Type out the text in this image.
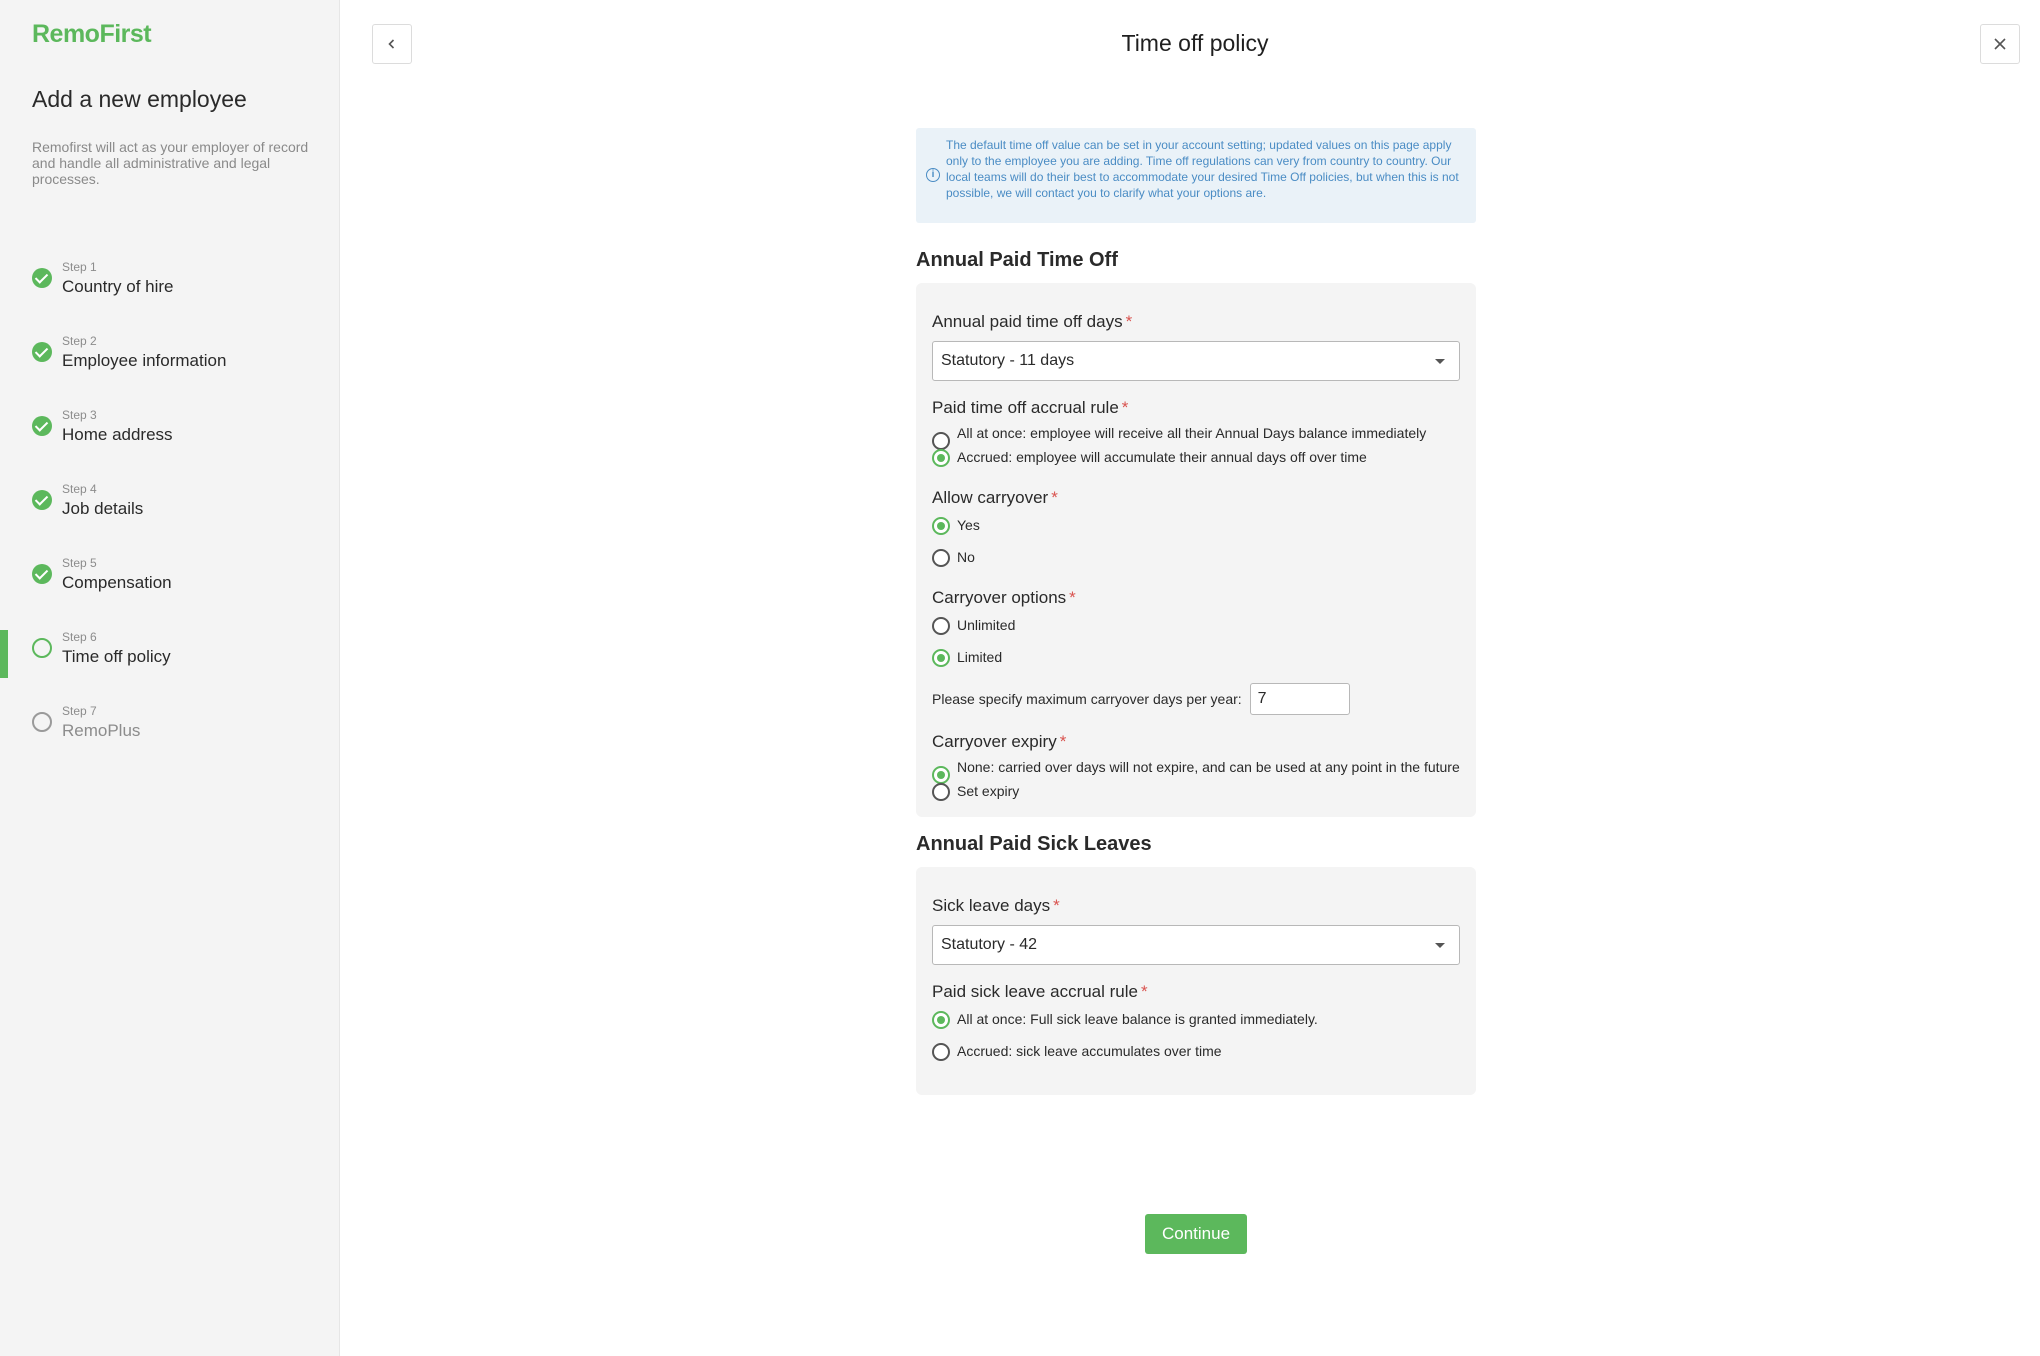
RemoFirst
Add a new employee

Remofirst will act as your employer of record and handle all administrative and legal processes.

Step 1
Country of hire
Step 2
Employee information
Step 3
Home address
Step 4
Job details
Step 5
Compensation
Step 6
Time off policy
Step 7
RemoPlus
Time off policy
i
The default time off value can be set in your account setting; updated values on this page apply only to the employee you are adding. Time off regulations can very from country to country. Our local teams will do their best to accommodate your desired Time Off policies, but when this is not possible, we will contact you to clarify what your options are.
Annual Paid Time Off
Annual paid time off days *
Statutory - 11 days
Paid time off accrual rule *
All at once: employee will receive all their Annual Days balance immediately
Accrued: employee will accumulate their annual days off over time
Allow carryover *
Yes
No
Carryover options *
Unlimited
Limited
Please specify maximum carryover days per year:	7
Carryover expiry *
None: carried over days will not expire, and can be used at any point in the future
Set expiry
Annual Paid Sick Leaves
Sick leave days *
Statutory - 42
Paid sick leave accrual rule *
All at once: Full sick leave balance is granted immediately.
Accrued: sick leave accumulates over time
Continue
